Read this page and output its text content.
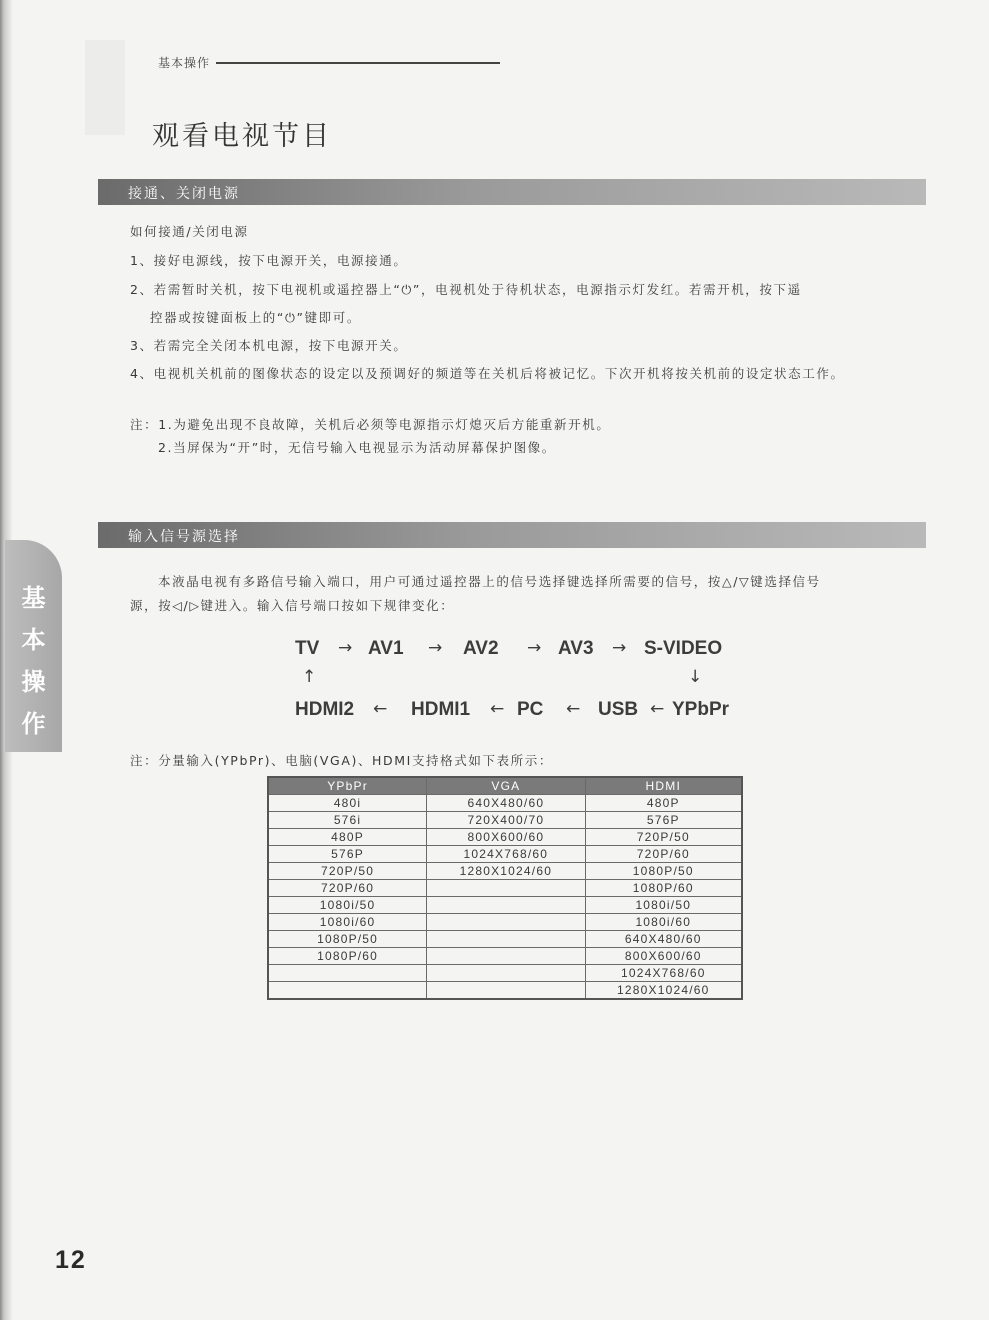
基本操作
观看电视节目
接通、关闭电源
如何接通/关闭电源
1、接好电源线，按下电源开关，电源接通。
2、若需暂时关机，按下电视机或遥控器上“⏻”，电视机处于待机状态，电源指示灯发红。若需开机，按下遥
控器或按键面板上的“⏻”键即可。
3、若需完全关闭本机电源，按下电源开关。
4、电视机关机前的图像状态的设定以及预调好的频道等在关机后将被记忆。下次开机将按关机前的设定状态工作。
注：1.为避免出现不良故障，关机后必须等电源指示灯熄灭后方能重新开机。
2.当屏保为“开”时，无信号输入电视显示为活动屏幕保护图像。
输入信号源选择
本液晶电视有多路信号输入端口，用户可通过遥控器上的信号选择键选择所需要的信号，按△/▽键选择信号
源，按◁/▷键进入。输入信号端口按如下规律变化：
TV → AV1 → AV2 → AV3 → S-VIDEO
↑	↓
HDMI2 ← HDMI1 ← PC ← USB ← YPbPr
注：分量输入(YPbPr)、电脑(VGA)、HDMI支持格式如下表所示：
YPbPr	VGA	HDMI
480i	640X480/60	480P
576i	720X400/70	576P
480P	800X600/60	720P/50
576P	1024X768/60	720P/60
720P/50	1280X1024/60	1080P/50
720P/60		1080P/60
1080i/50		1080i/50
1080i/60		1080i/60
1080P/50		640X480/60
1080P/60		800X600/60
		1024X768/60
		1280X1024/60
基
本
操
作
12
